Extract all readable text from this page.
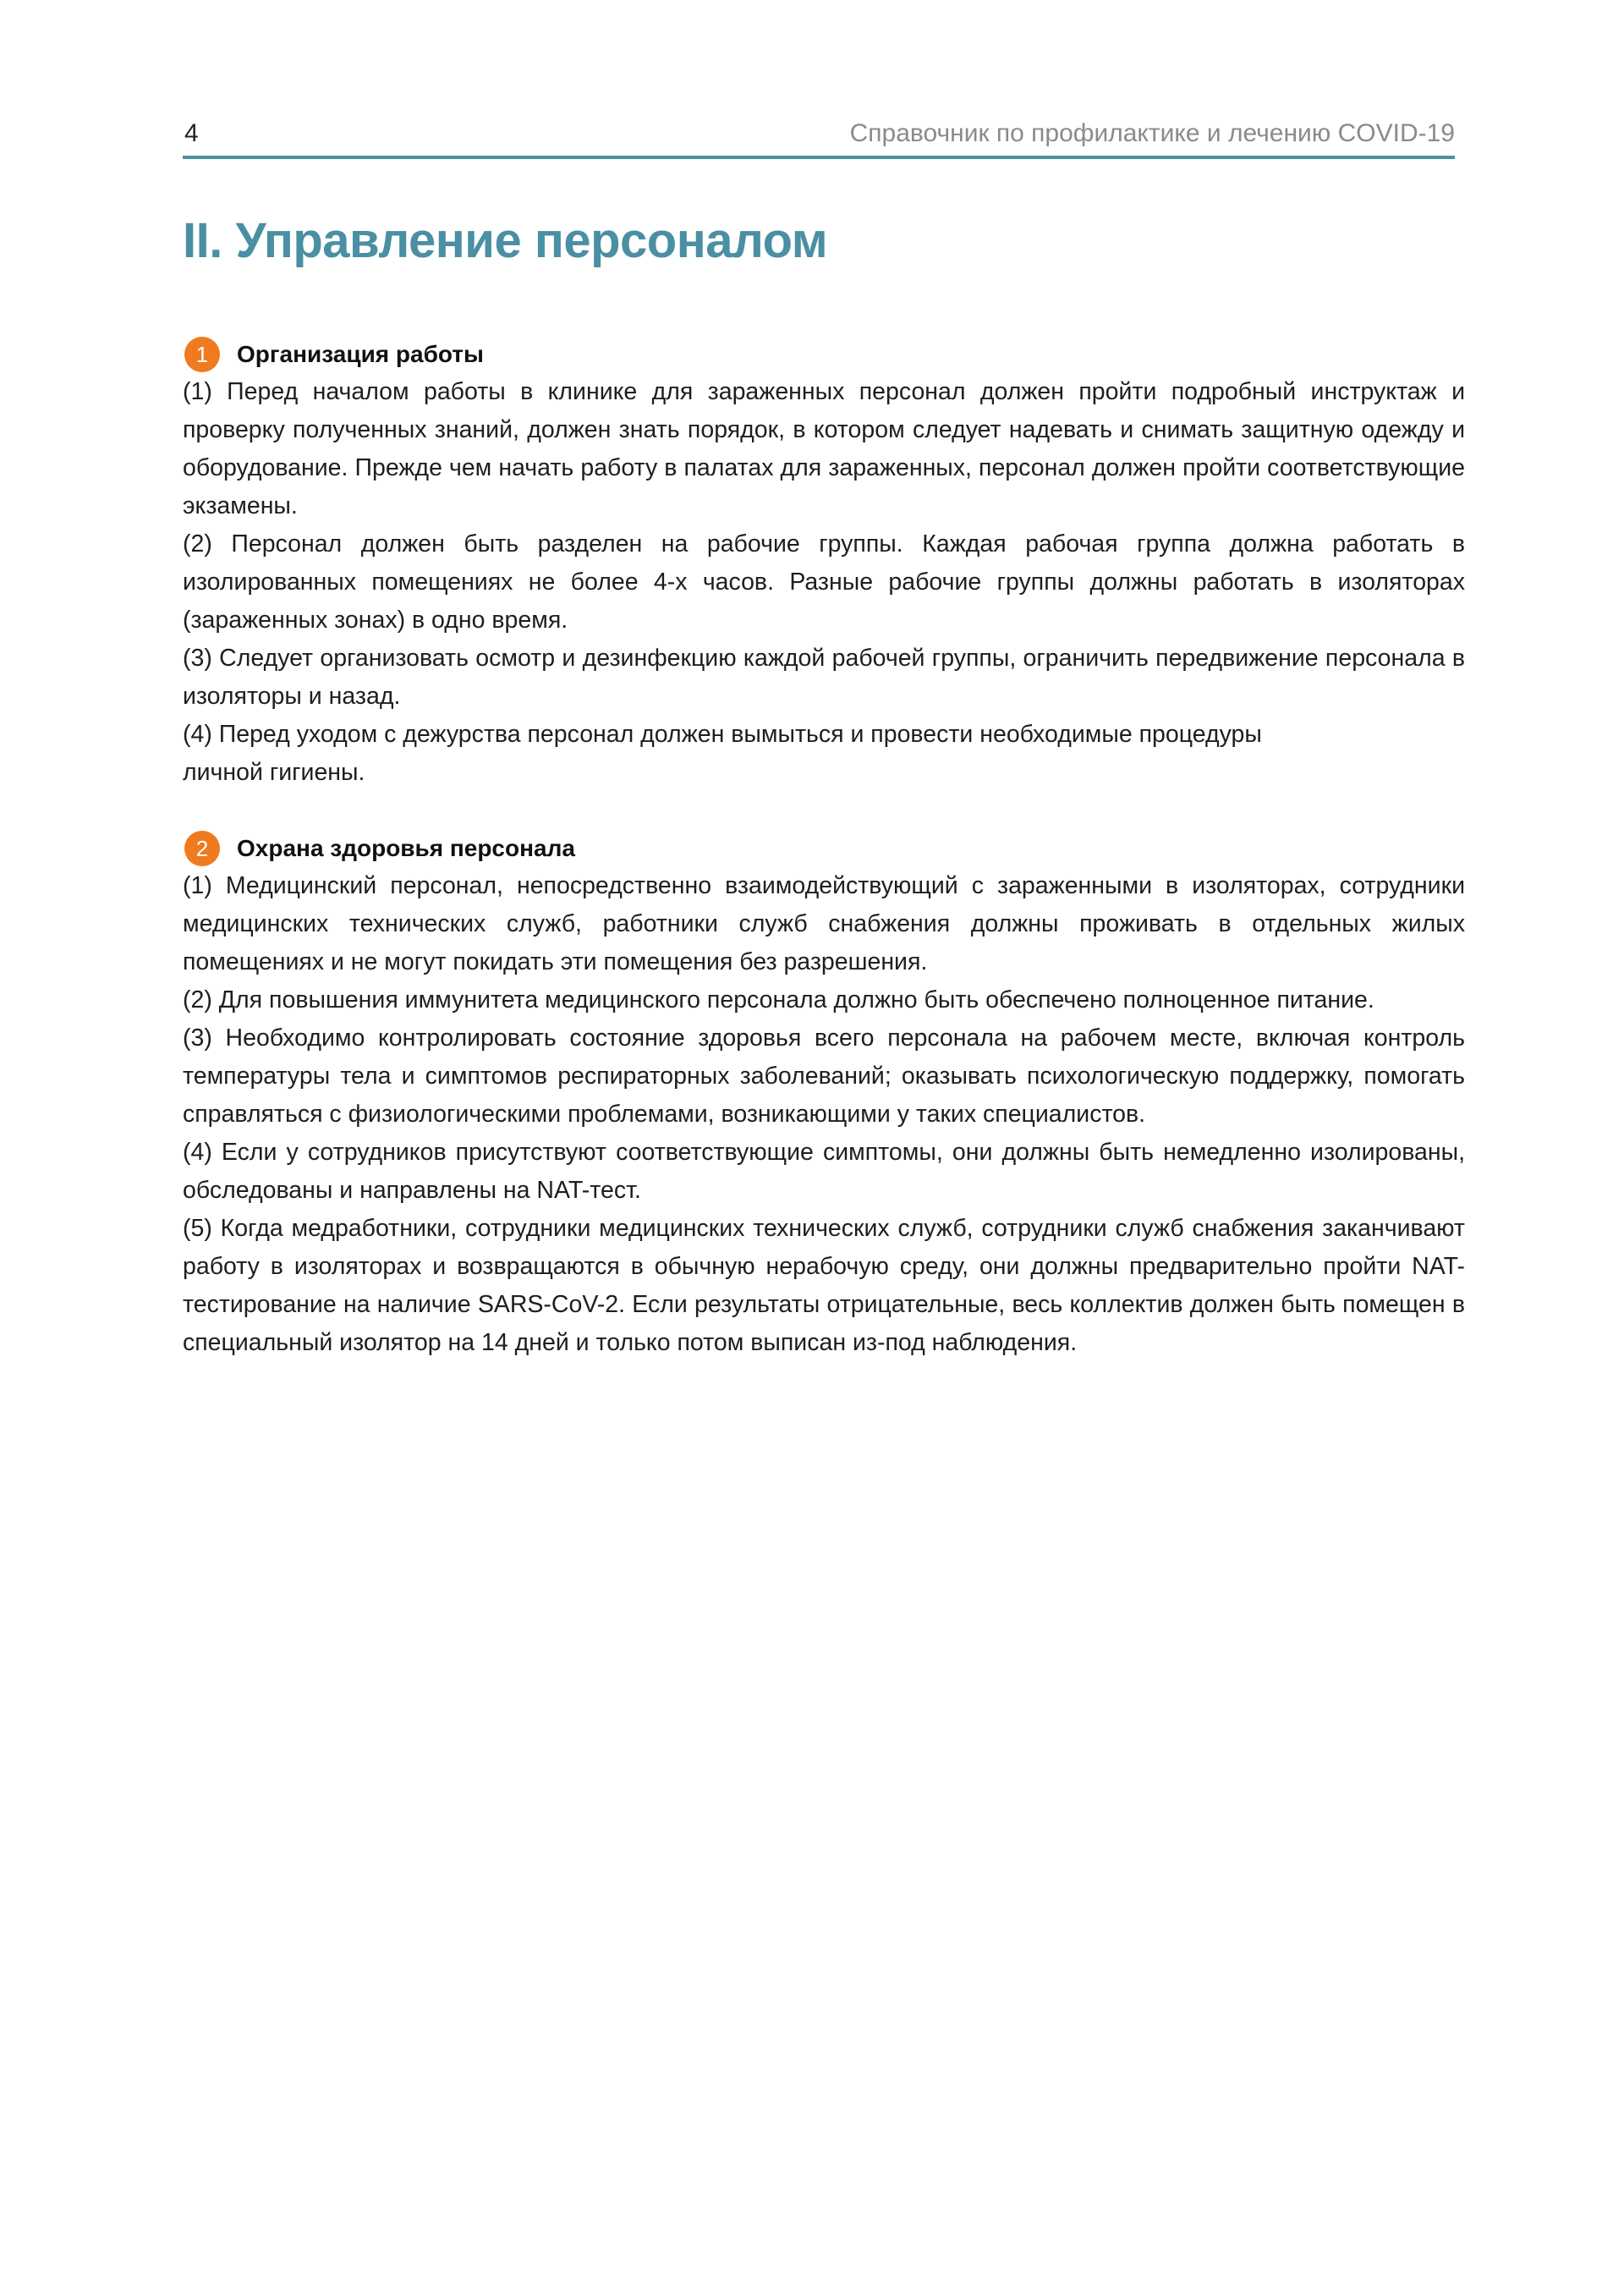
4	Справочник по профилактике и лечению COVID-19
II. Управление персоналом
1	Организация работы

(1) Перед началом работы в клинике для зараженных персонал должен пройти подробный инструктаж и проверку полученных знаний, должен знать порядок, в котором следует надевать и снимать защитную одежду и оборудование. Прежде чем начать работу в палатах для зараженных, персонал должен пройти соответствующие экзамены.

(2) Персонал должен быть разделен на рабочие группы. Каждая рабочая группа должна работать в изолированных помещениях не более 4-х часов. Разные рабочие группы должны работать в изоляторах (зараженных зонах) в одно время.

(3) Следует организовать осмотр и дезинфекцию каждой рабочей группы, ограничить передвижение персонала в изоляторы и назад.

(4) Перед уходом с дежурства персонал должен вымыться и провести необходимые процедуры личной гигиены.

2	Охрана здоровья персонала

(1) Медицинский персонал, непосредственно взаимодействующий с зараженными в изоляторах, сотрудники медицинских технических служб, работники служб снабжения должны проживать в отдельных жилых помещениях и не могут покидать эти помещения без разрешения.

(2) Для повышения иммунитета медицинского персонала должно быть обеспечено полноценное питание.

(3) Необходимо контролировать состояние здоровья всего персонала на рабочем месте, включая контроль температуры тела и симптомов респираторных заболеваний; оказывать психологическую поддержку, помогать справляться с физиологическими проблемами, возникающими у таких специалистов.

(4) Если у сотрудников присутствуют соответствующие симптомы, они должны быть немедленно изолированы, обследованы и направлены на NAT-тест.

(5) Когда медработники, сотрудники медицинских технических служб, сотрудники служб снабжения заканчивают работу в изоляторах и возвращаются в обычную нерабочую среду, они должны предварительно пройти NAT-тестирование на наличие SARS-CoV-2. Если результаты отрицательные, весь коллектив должен быть помещен в специальный изолятор на 14 дней и только потом выписан из-под наблюдения.
